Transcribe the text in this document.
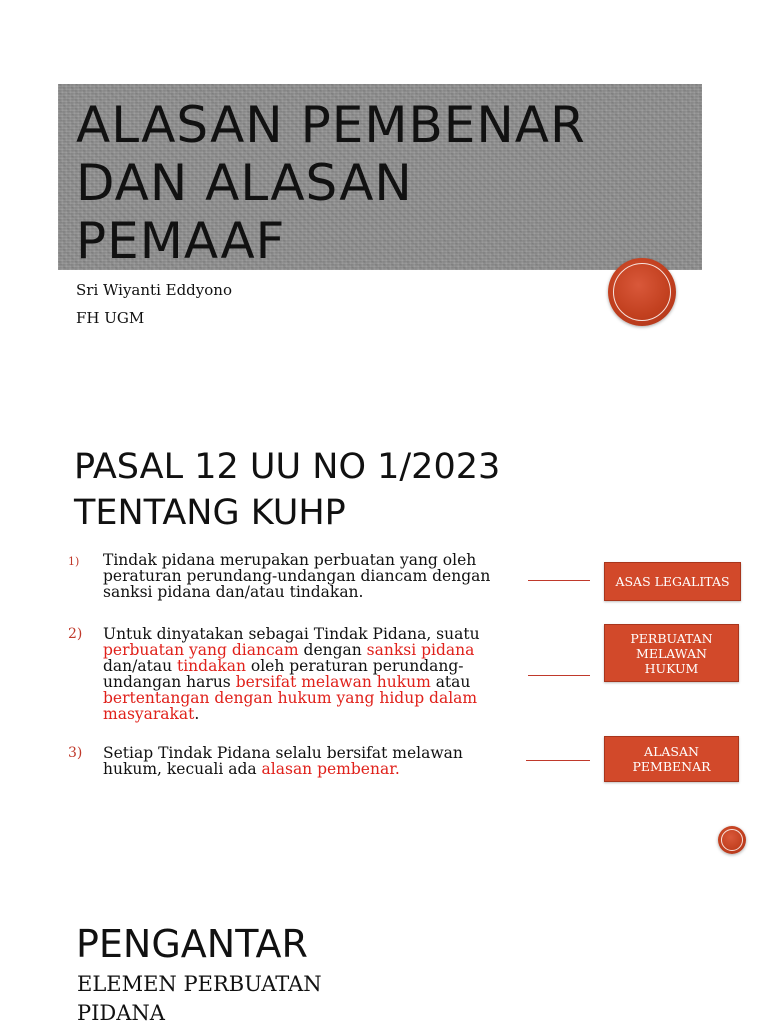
ALASAN PEMBENAR
DAN ALASAN
PEMAAF
Sri Wiyanti Eddyono
FH UGM
PASAL 12 UU NO 1/2023
TENTANG KUHP
1) Tindak pidana merupakan perbuatan yang oleh peraturan perundang-undangan diancam dengan sanksi pidana dan/atau tindakan.
2) Untuk dinyatakan sebagai Tindak Pidana, suatu perbuatan yang diancam dengan sanksi pidana dan/atau tindakan oleh peraturan perundang-undangan harus bersifat melawan hukum atau bertentangan dengan hukum yang hidup dalam masyarakat.
3) Setiap Tindak Pidana selalu bersifat melawan hukum, kecuali ada alasan pembenar.
ASAS LEGALITAS
PERBUATAN MELAWAN HUKUM
ALASAN PEMBENAR
PENGANTAR
ELEMEN PERBUATAN PIDANA
